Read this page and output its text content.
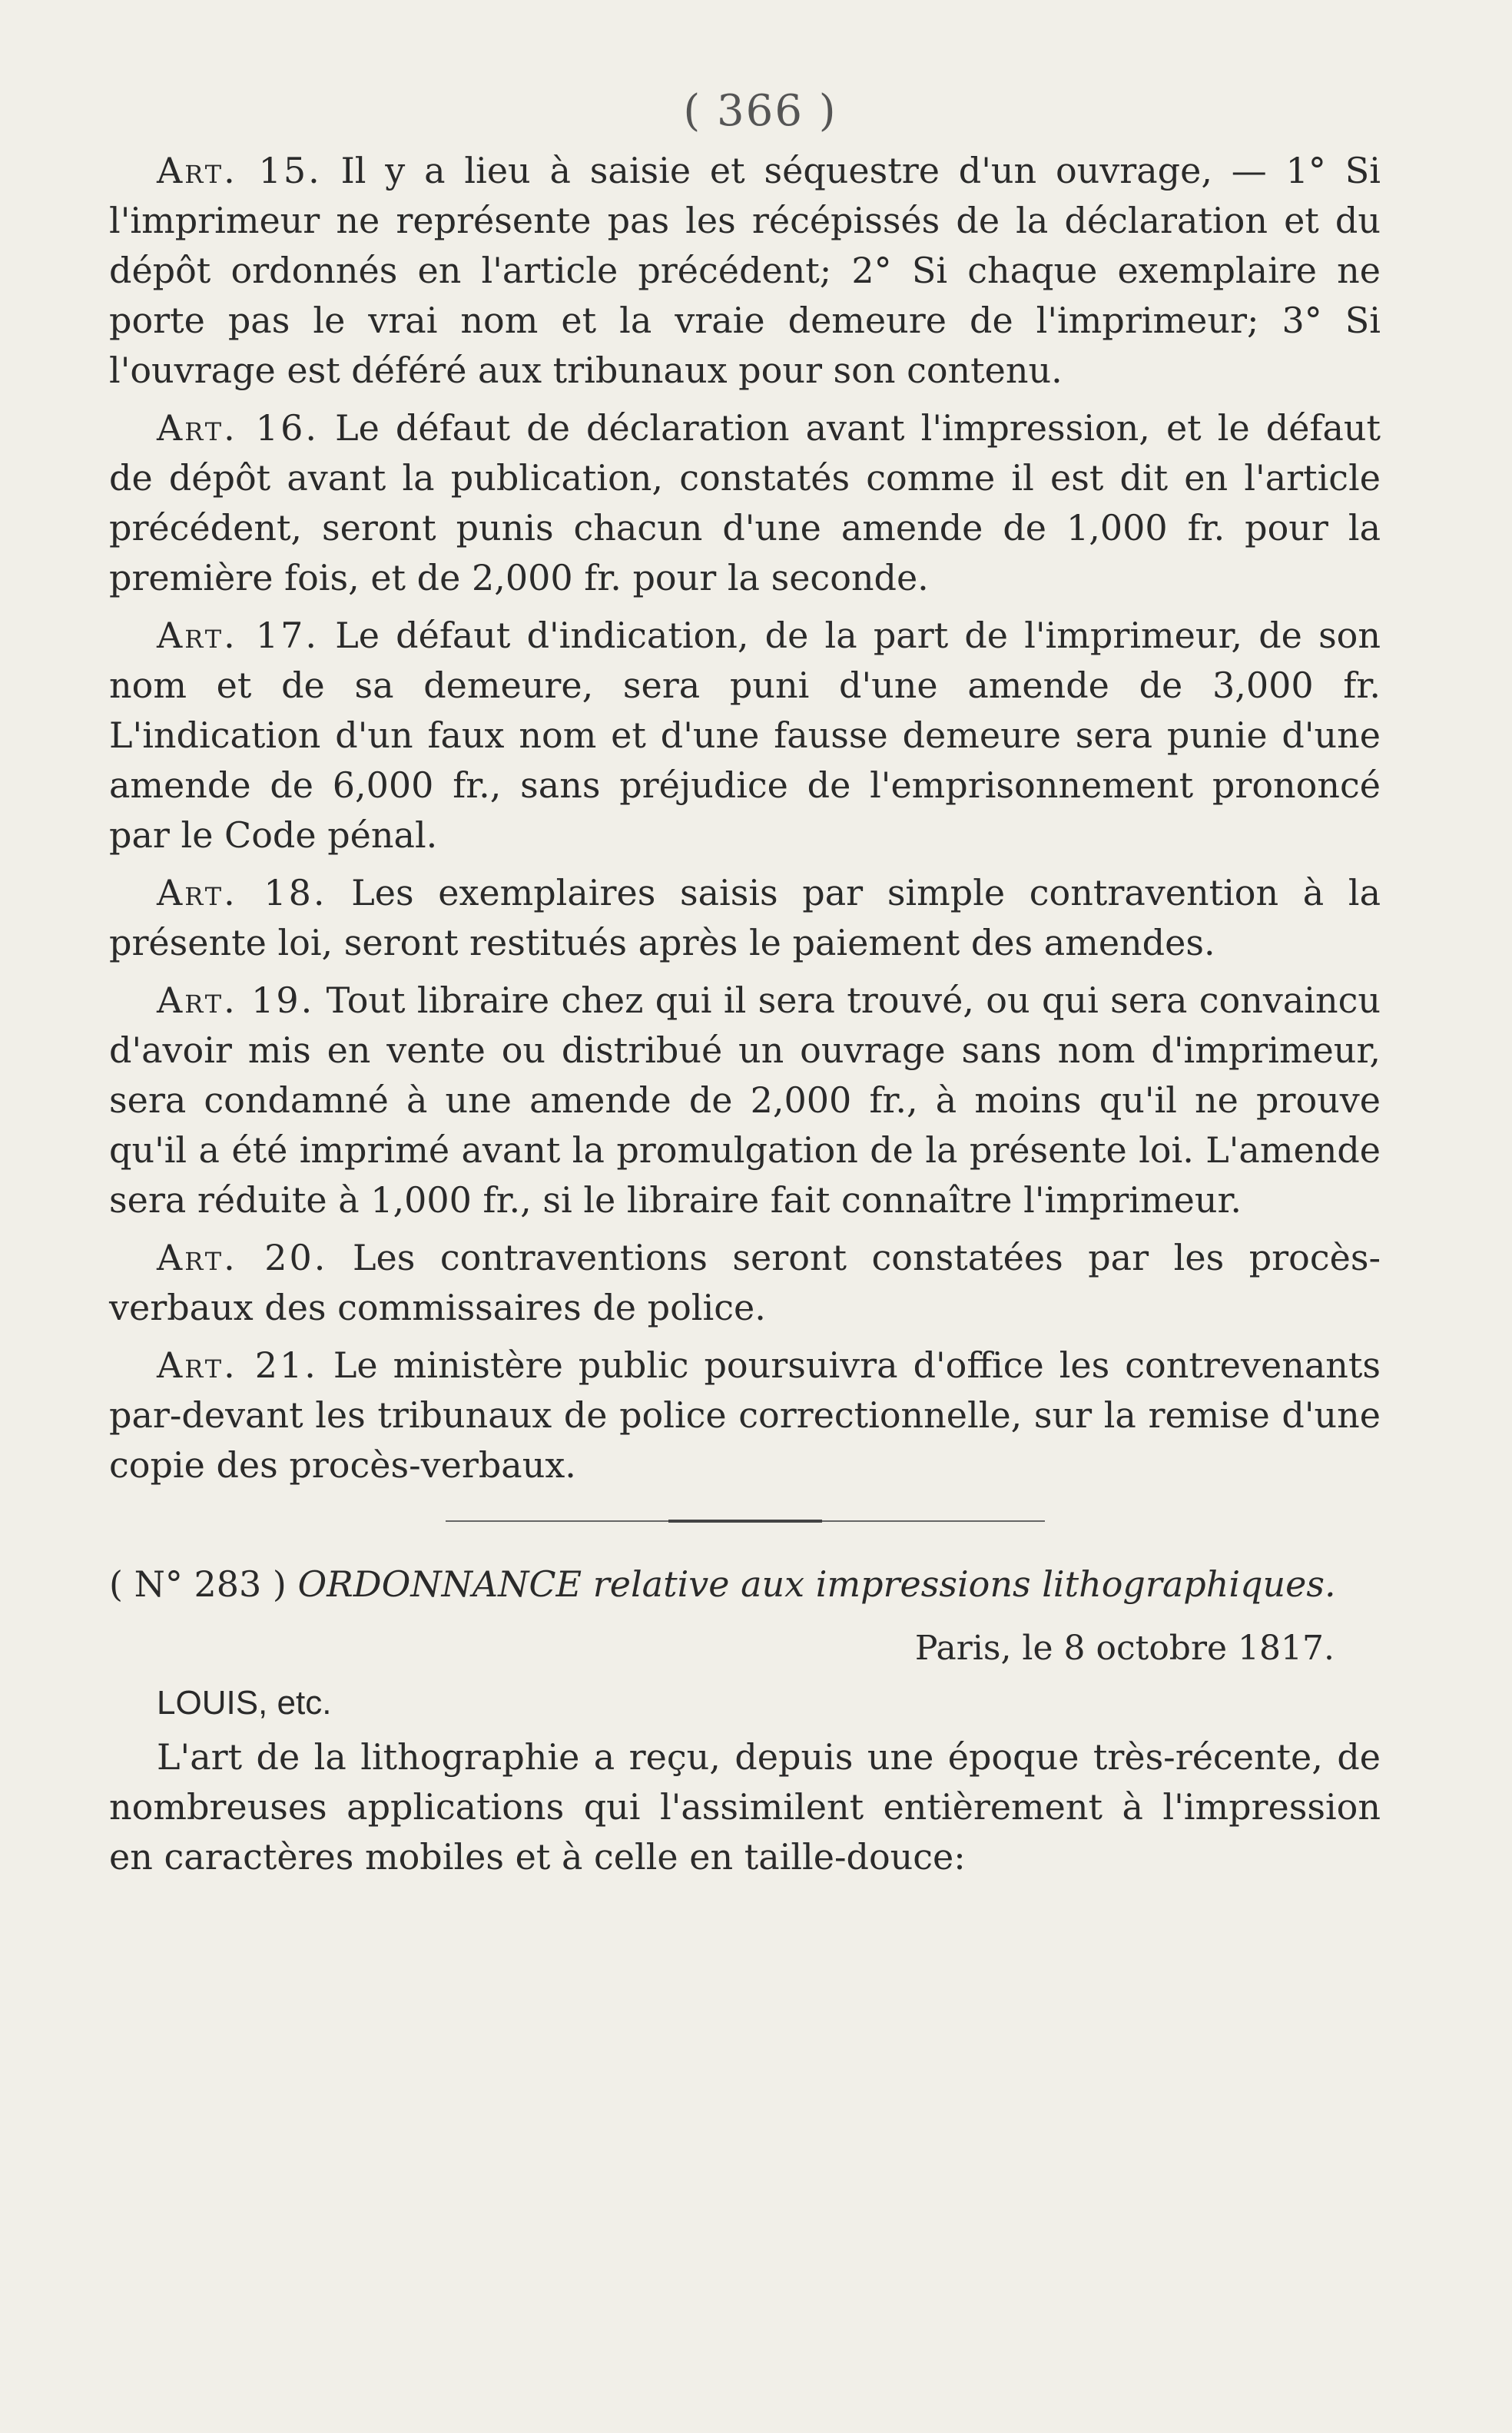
( 366 )

Art. 15. Il y a lieu à saisie et séquestre d'un ouvrage, — 1° Si l'imprimeur ne représente pas les récépissés de la déclaration et du dépôt ordonnés en l'article précédent; 2° Si chaque exemplaire ne porte pas le vrai nom et la vraie demeure de l'imprimeur; 3° Si l'ouvrage est déféré aux tribunaux pour son contenu.

Art. 16. Le défaut de déclaration avant l'impression, et le défaut de dépôt avant la publication, constatés comme il est dit en l'article précédent, seront punis chacun d'une amende de 1,000 fr. pour la première fois, et de 2,000 fr. pour la seconde.

Art. 17. Le défaut d'indication, de la part de l'imprimeur, de son nom et de sa demeure, sera puni d'une amende de 3,000 fr. L'indication d'un faux nom et d'une fausse demeure sera punie d'une amende de 6,000 fr., sans préjudice de l'emprisonnement prononcé par le Code pénal.

Art. 18. Les exemplaires saisis par simple contravention à la présente loi, seront restitués après le paiement des amendes.

Art. 19. Tout libraire chez qui il sera trouvé, ou qui sera convaincu d'avoir mis en vente ou distribué un ouvrage sans nom d'imprimeur, sera condamné à une amende de 2,000 fr., à moins qu'il ne prouve qu'il a été imprimé avant la promulgation de la présente loi. L'amende sera réduite à 1,000 fr., si le libraire fait connaître l'imprimeur.

Art. 20. Les contraventions seront constatées par les procès-verbaux des commissaires de police.

Art. 21. Le ministère public poursuivra d'office les contrevenants par-devant les tribunaux de police correctionnelle, sur la remise d'une copie des procès-verbaux.

( N° 283 ) ORDONNANCE relative aux impressions lithographiques.
Paris, le 8 octobre 1817.
LOUIS, etc.

L'art de la lithographie a reçu, depuis une époque très-récente, de nombreuses applications qui l'assimilent entièrement à l'impression en caractères mobiles et à celle en taille-douce:
